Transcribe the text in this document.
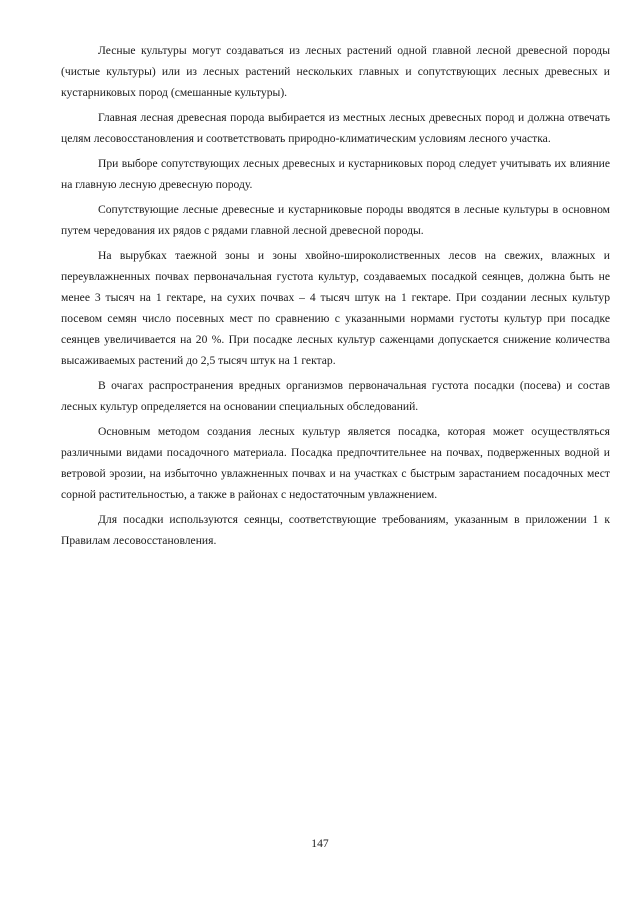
Лесные культуры могут создаваться из лесных растений одной главной лесной древесной породы (чистые культуры) или из лесных растений нескольких главных и сопутствующих лесных древесных и кустарниковых пород (смешанные культуры).

Главная лесная древесная порода выбирается из местных лесных древесных пород и должна отвечать целям лесовосстановления и соответствовать природно-климатическим условиям лесного участка.

При выборе сопутствующих лесных древесных и кустарниковых пород следует учитывать их влияние на главную лесную древесную породу.

Сопутствующие лесные древесные и кустарниковые породы вводятся в лесные культуры в основном путем чередования их рядов с рядами главной лесной древесной породы.

На вырубках таежной зоны и зоны хвойно-широколиственных лесов на свежих, влажных и переувлажненных почвах первоначальная густота культур, создаваемых посадкой сеянцев, должна быть не менее 3 тысяч на 1 гектаре, на сухих почвах – 4 тысяч штук на 1 гектаре. При создании лесных культур посевом семян число посевных мест по сравнению с указанными нормами густоты культур при посадке сеянцев увеличивается на 20 %. При посадке лесных культур саженцами допускается снижение количества высаживаемых растений до 2,5 тысяч штук на 1 гектар.

В очагах распространения вредных организмов первоначальная густота посадки (посева) и состав лесных культур определяется на основании специальных обследований.

Основным методом создания лесных культур является посадка, которая может осуществляться различными видами посадочного материала. Посадка предпочтительнее на почвах, подверженных водной и ветровой эрозии, на избыточно увлажненных почвах и на участках с быстрым зарастанием посадочных мест сорной растительностью, а также в районах с недостаточным увлажнением.

Для посадки используются сеянцы, соответствующие требованиям, указанным в приложении 1 к Правилам лесовосстановления.

147
